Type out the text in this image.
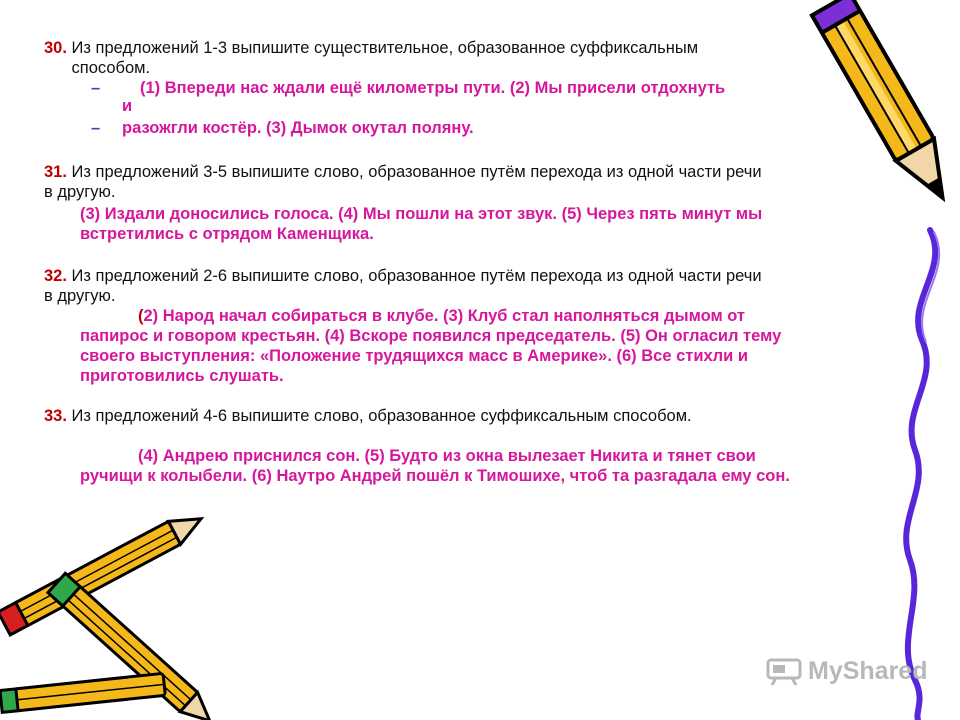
30. Из предложений 1-3 выпишите существительное, образованное суффиксальным способом.

– (1) Впереди нас ждали ещё километры пути. (2) Мы присели отдохнуть

и

– разожгли костёр. (3) Дымок окутал поляну.

31. Из предложений 3-5 выпишите слово, образованное путём перехода из одной части речи в другую.

(3) Издали доносились голоса. (4) Мы пошли на этот звук. (5) Через пять минут мы встретились с отрядом Каменщика.

32. Из предложений 2-6 выпишите слово, образованное путём перехода из одной части речи в другую.

(2) Народ начал собираться в клубе. (3) Клуб стал наполняться дымом от папирос и говором крестьян. (4) Вскоре появился председатель. (5) Он огласил тему своего выступления: «Положение трудящихся масс в Америке». (6) Все стихли и приготовились слушать.

33. Из предложений 4-6 выпишите слово, образованное суффиксальным способом.

(4) Андрею приснился сон. (5) Будто из окна вылезает Никита и тянет свои ручищи к колыбели. (6) Наутро Андрей пошёл к Тимошихе, чтоб та разгадала ему сон.

MyShared
